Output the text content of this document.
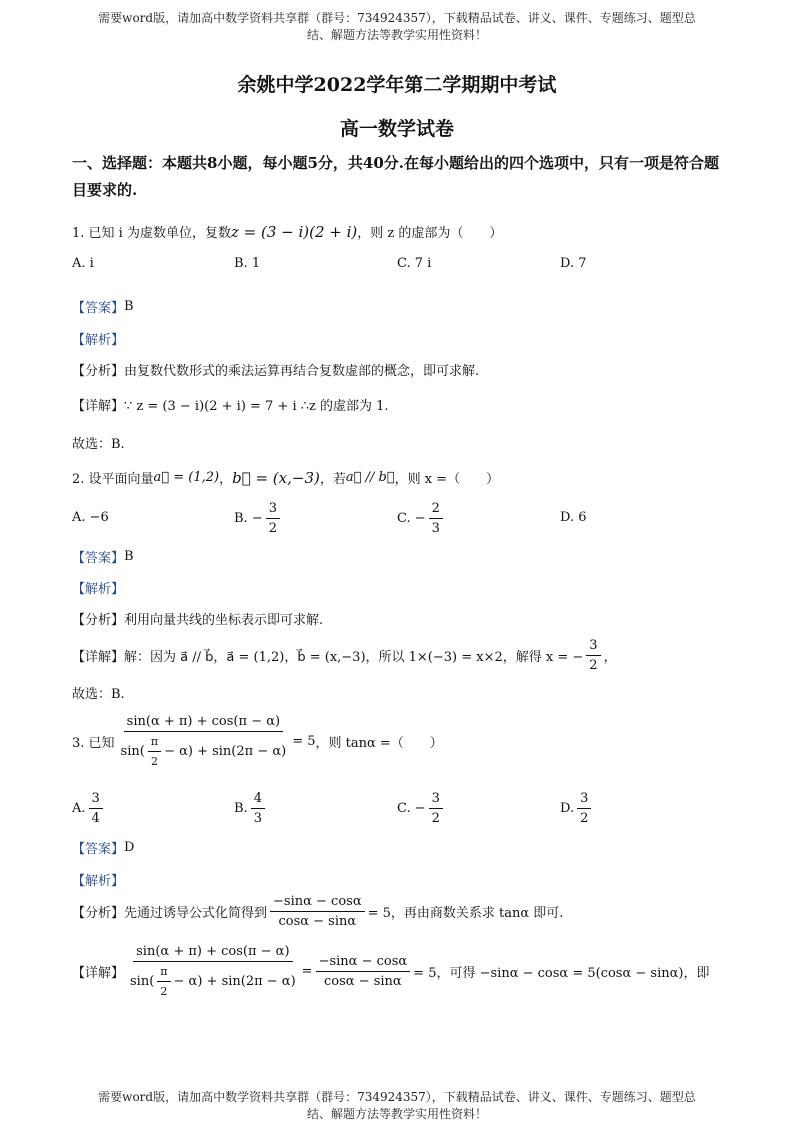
需要word版，请加高中数学资料共享群（群号：734924357），下载精品试卷、讲义、课件、专题练习、题型总
结、解题方法等教学实用性资料！
余姚中学2022学年第二学期期中考试
高一数学试卷
一、选择题：本题共8小题，每小题5分，共40分.在每小题给出的四个选项中，只有一项是符合题目要求的.
1. 已知 i 为虚数单位，复数 z = (3 − i)(2 + i) ，则 z 的虚部为（　　）
A. i	B. 1	C. 7 i	D. 7
【答案】 B
【解析】
【分析】 由复数代数形式的乘法运算再结合复数虚部的概念，即可求解.
【详解】 ∵ z = (3 − i)(2 + i) = 7 + i ∴z 的虚部为 1.
故选：B.
2. 设平面向量 a⃗ = (1,2) ， b⃗ = (x,−3) ，若 a⃗ // b⃗ ，则 x =（　　）
A. −6	B. − $\frac{3}{2}$	C. − $\frac{2}{3}$	D. 6
【答案】 B
【解析】
【分析】 利用向量共线的坐标表示即可求解.
【详解】 解：因为 a⃗ // b⃗，a⃗ = (1,2)，b⃗ = (x,−3)，所以 1×(−3) = x×2，解得 x = − $\frac{3}{2}$ ，
故选：B.
3. 已知 $\frac{\sin(\alpha + \pi) + \cos(\pi - \alpha)}{\sin( \frac{\pi}{2} - \alpha) + \sin(2\pi - \alpha)} = 5$ ，则 tanα =（　　）
A. $\frac{3}{4}$	B. $\frac{4}{3}$	C. − $\frac{3}{2}$	D. $\frac{3}{2}$
【答案】 D
【解析】
【分析】 先通过诱导公式化简得到 $\frac{-\sin\alpha - \cos\alpha}{\cos\alpha - \sin\alpha} = 5$，再由商数关系求 tanα 即可.
【详解】 $\frac{\sin(\alpha + \pi) + \cos(\pi - \alpha)}{\sin( \frac{\pi}{2} - \alpha) + \sin(2\pi - \alpha)} = \frac{-\sin\alpha - \cos\alpha}{\cos\alpha - \sin\alpha} = 5$，可得 −sinα − cosα = 5(cosα − sinα)，即
需要word版，请加高中数学资料共享群（群号：734924357），下载精品试卷、讲义、课件、专题练习、题型总
结、解题方法等教学实用性资料！
